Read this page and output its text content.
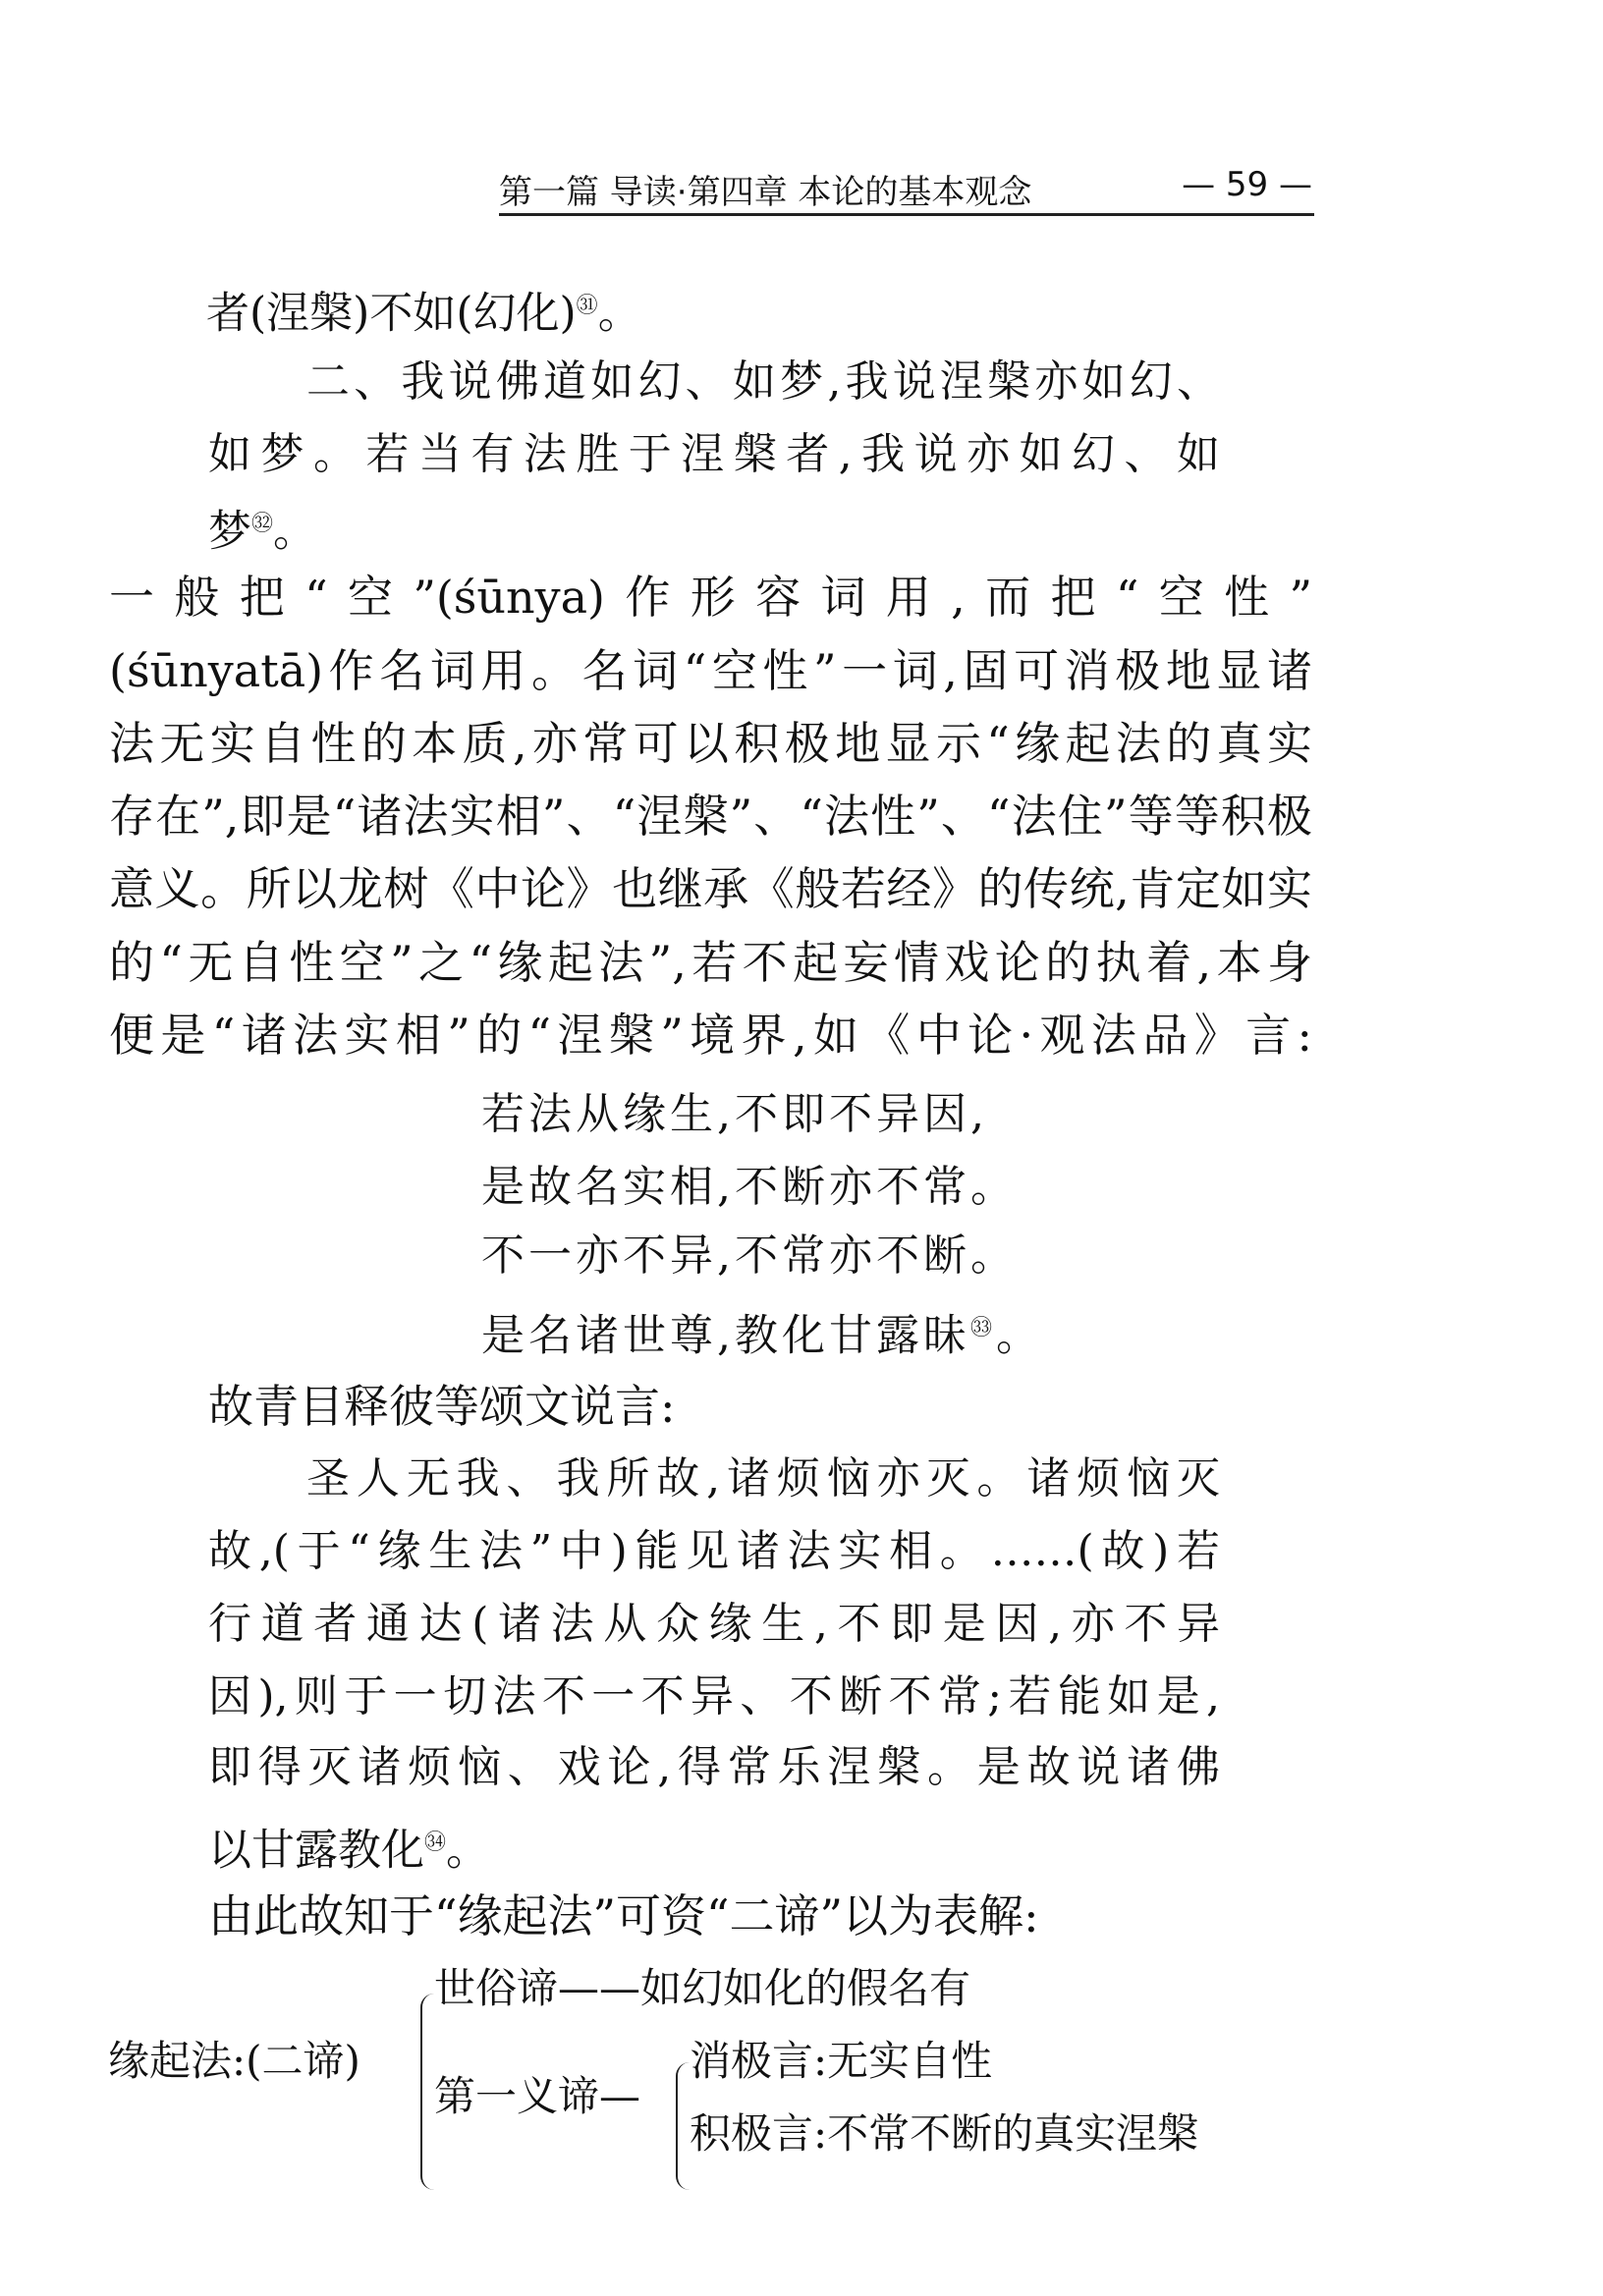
第一篇 导读·第四章 本论的基本观念	— 59 —
者(涅槃)不如(幻化)$^㉛$。
二、我说佛道如幻、如梦,我说涅槃亦如幻、
如梦。若当有法胜于涅槃者,我说亦如幻、如
梦$^㉜$。
一般把“空”(śūnya)作形容词用,而把“空性”
(śūnyatā)作名词用。名词“空性”一词,固可消极地显诸
法无实自性的本质,亦常可以积极地显示“缘起法的真实
存在”,即是“诸法实相”、“涅槃”、“法性”、“法住”等等积极
意义。所以龙树《中论》也继承《般若经》的传统,肯定如实
的“无自性空”之“缘起法”,若不起妄情戏论的执着,本身
便是“诸法实相”的“涅槃”境界,如《中论·观法品》言:
若法从缘生,不即不异因,
是故名实相,不断亦不常。
不一亦不异,不常亦不断。
是名诸世尊,教化甘露昧$^㉝$。
故青目释彼等颂文说言:
圣人无我、我所故,诸烦恼亦灭。诸烦恼灭
故,(于“缘生法”中)能见诸法实相。……(故)若
行道者通达(诸法从众缘生,不即是因,亦不异
因),则于一切法不一不异、不断不常;若能如是,
即得灭诸烦恼、戏论,得常乐涅槃。是故说诸佛
以甘露教化$^㉞$。
由此故知于“缘起法”可资“二谛”以为表解:
缘起法:(二谛)
世俗谛——如幻如化的假名有
第一义谛—
消极言:无实自性
积极言:不常不断的真实涅槃
